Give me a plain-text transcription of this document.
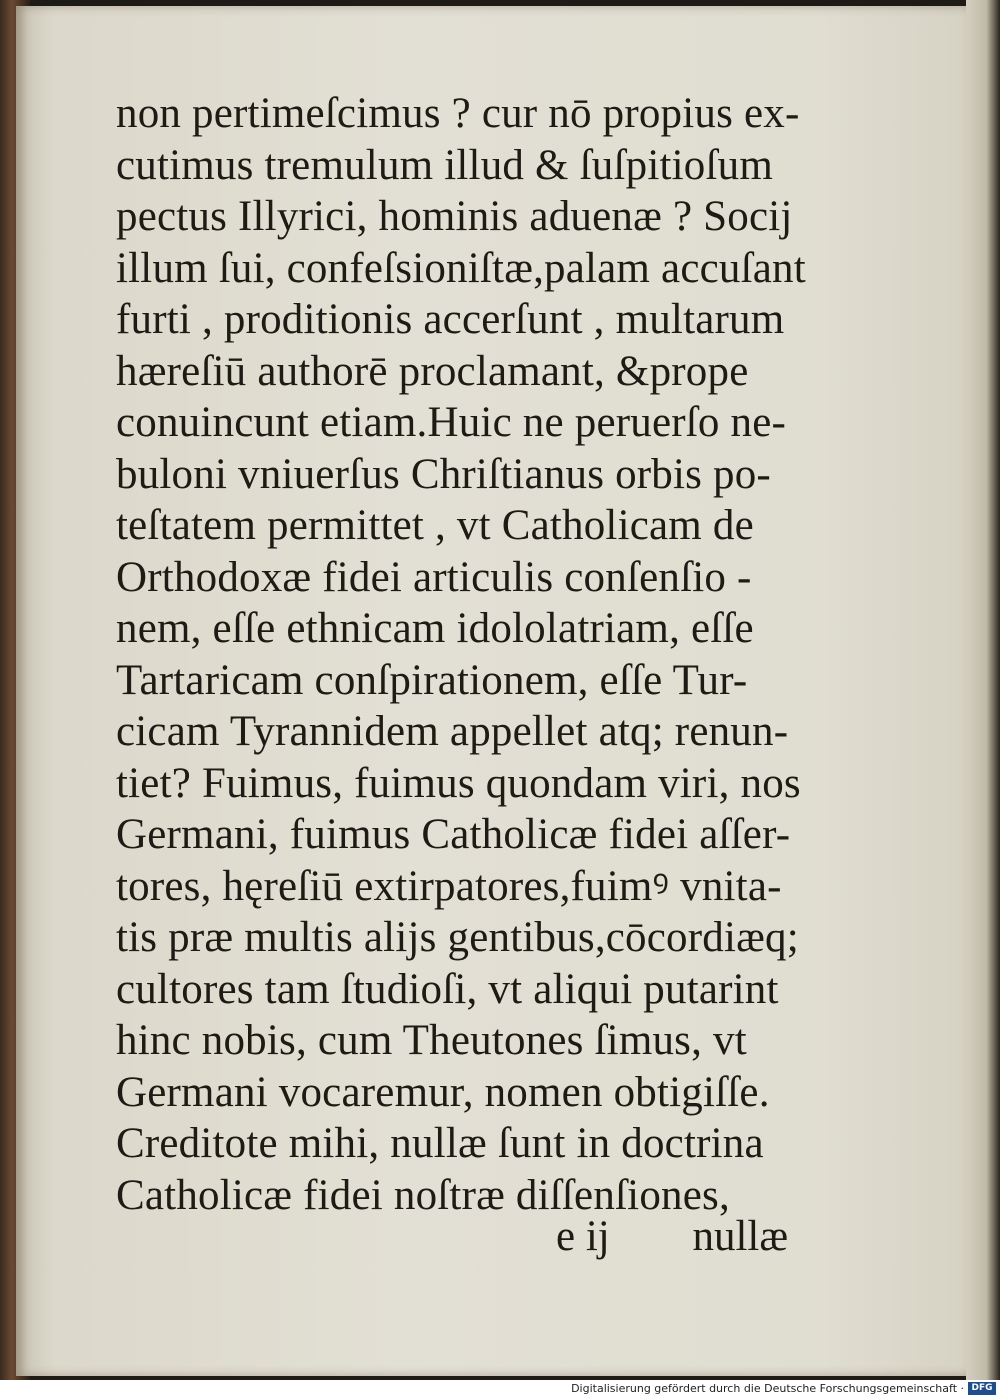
non pertimeſcimus ? cur nō propius ex-
cutimus tremulum illud & ſuſpitioſum
pectus Illyrici, hominis aduenæ ? Socij
illum ſui, confeſsioniſtæ,palam accuſant
furti , proditionis accerſunt , multarum
hæreſiū authorē proclamant, &prope
conuincunt etiam.Huic ne peruerſo ne-
buloni vniuerſus Chriſtianus orbis po-
teſtatem permittet , vt Catholicam de
Orthodoxæ fidei articulis conſenſio -
nem, eſſe ethnicam idololatriam, eſſe
Tartaricam conſpirationem, eſſe Tur-
cicam Tyrannidem appellet atq; renun-
tiet? Fuimus, fuimus quondam viri, nos
Germani, fuimus Catholicæ fidei aſſer-
tores, hęreſiū extirpatores,fuimꝰ vnita-
tis præ multis alijs gentibus,cōcordiæq;
cultores tam ſtudioſi, vt aliqui putarint
hinc nobis, cum Theutones ſimus, vt
Germani vocaremur, nomen obtigiſſe.
Creditote mihi, nullæ ſunt in doctrina
Catholicæ fidei noſtræ diſſenſiones,
e ij nullæ
Digitalisierung gefördert durch die Deutsche Forschungsgemeinschaft · DFG
